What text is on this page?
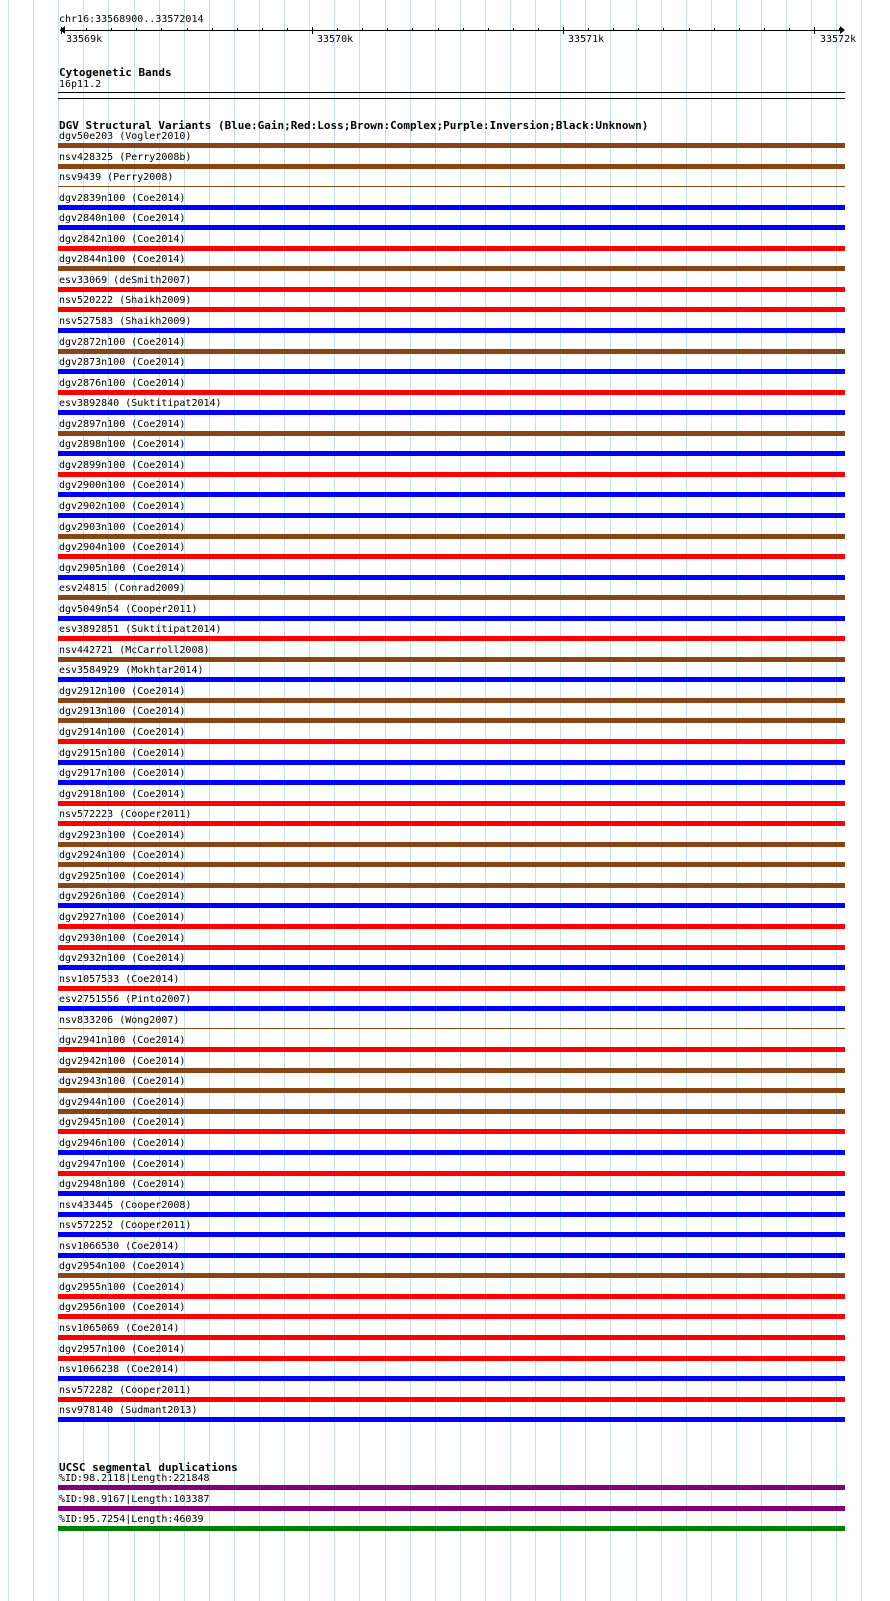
chr16:33568900..33572014
33569k	33570k	33571k	33572k
Cytogenetic Bands
16p11.2
DGV Structural Variants (Blue:Gain;Red:Loss;Brown:Complex;Purple:Inversion;Black:Unknown)
dgv50e203 (Vogler2010)
nsv428325 (Perry2008b)
nsv9439 (Perry2008)
dgv2839n100 (Coe2014)
dgv2840n100 (Coe2014)
dgv2842n100 (Coe2014)
dgv2844n100 (Coe2014)
esv33069 (deSmith2007)
nsv520222 (Shaikh2009)
nsv527583 (Shaikh2009)
dgv2872n100 (Coe2014)
dgv2873n100 (Coe2014)
dgv2876n100 (Coe2014)
esv3892840 (Suktitipat2014)
dgv2897n100 (Coe2014)
dgv2898n100 (Coe2014)
dgv2899n100 (Coe2014)
dgv2900n100 (Coe2014)
dgv2902n100 (Coe2014)
dgv2903n100 (Coe2014)
dgv2904n100 (Coe2014)
dgv2905n100 (Coe2014)
esv24815 (Conrad2009)
dgv5049n54 (Cooper2011)
esv3892851 (Suktitipat2014)
nsv442721 (McCarroll2008)
esv3584929 (Mokhtar2014)
dgv2912n100 (Coe2014)
dgv2913n100 (Coe2014)
dgv2914n100 (Coe2014)
dgv2915n100 (Coe2014)
dgv2917n100 (Coe2014)
dgv2918n100 (Coe2014)
nsv572223 (Cooper2011)
dgv2923n100 (Coe2014)
dgv2924n100 (Coe2014)
dgv2925n100 (Coe2014)
dgv2926n100 (Coe2014)
dgv2927n100 (Coe2014)
dgv2930n100 (Coe2014)
dgv2932n100 (Coe2014)
nsv1057533 (Coe2014)
esv2751556 (Pinto2007)
nsv833206 (Wong2007)
dgv2941n100 (Coe2014)
dgv2942n100 (Coe2014)
dgv2943n100 (Coe2014)
dgv2944n100 (Coe2014)
dgv2945n100 (Coe2014)
dgv2946n100 (Coe2014)
dgv2947n100 (Coe2014)
dgv2948n100 (Coe2014)
nsv433445 (Cooper2008)
nsv572252 (Cooper2011)
nsv1066530 (Coe2014)
dgv2954n100 (Coe2014)
dgv2955n100 (Coe2014)
dgv2956n100 (Coe2014)
nsv1065069 (Coe2014)
dgv2957n100 (Coe2014)
nsv1066238 (Coe2014)
nsv572282 (Cooper2011)
nsv978140 (Sudmant2013)
UCSC segmental duplications
%ID:98.2118|Length:221848
%ID:98.9167|Length:103387
%ID:95.7254|Length:46039
